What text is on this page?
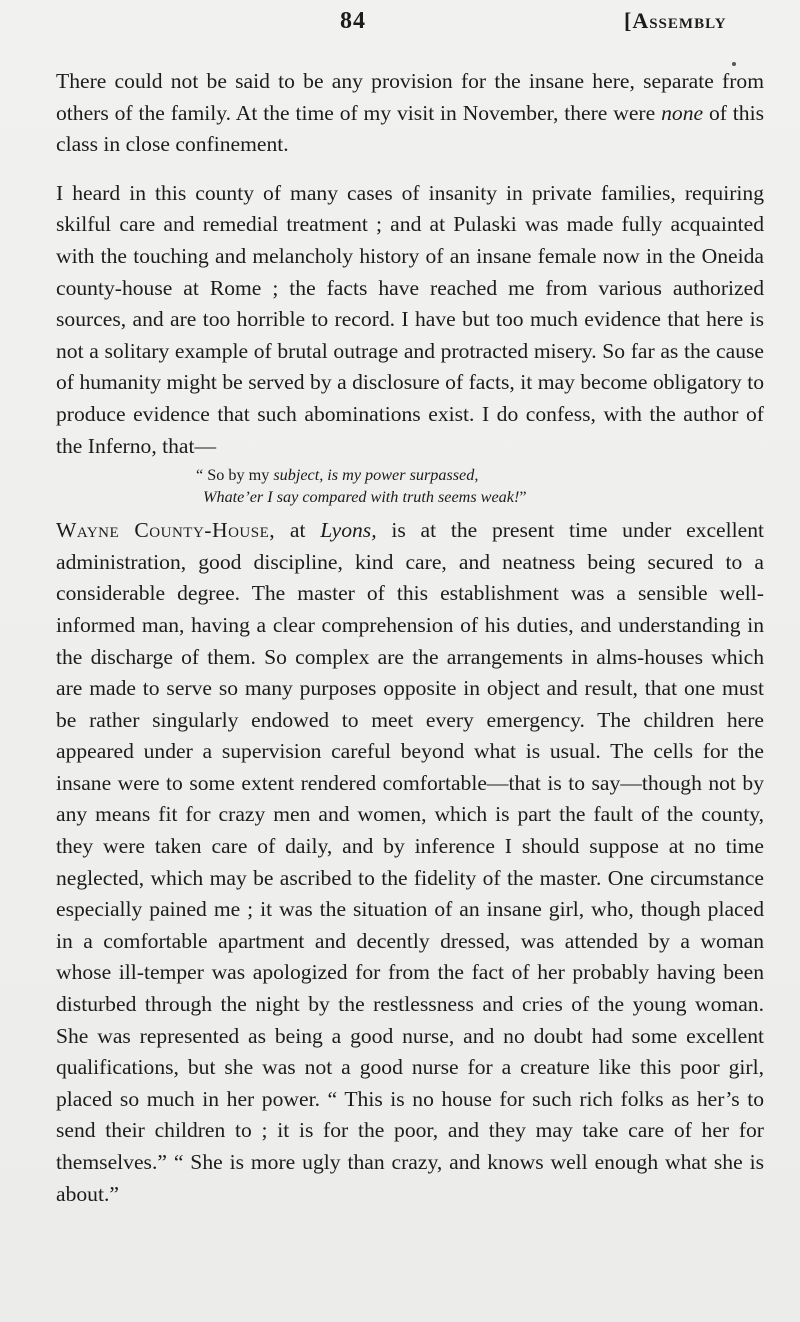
84	[Assembly

There could not be said to be any provision for the insane here, separate from others of the family. At the time of my visit in November, there were none of this class in close confinement.

I heard in this county of many cases of insanity in private families, requiring skilful care and remedial treatment ; and at Pulaski was made fully acquainted with the touching and melancholy history of an insane female now in the Oneida county-house at Rome ; the facts have reached me from various authorized sources, and are too horrible to record. I have but too much evidence that here is not a solitary example of brutal outrage and protracted misery. So far as the cause of humanity might be served by a disclosure of facts, it may become obligatory to produce evidence that such abominations exist. I do confess, with the author of the Inferno, that—

“ So by my subject, is my power surpassed,
Whate’er I say compared with truth seems weak!”

Wayne County-House, at Lyons, is at the present time under excellent administration, good discipline, kind care, and neatness being secured to a considerable degree. The master of this establishment was a sensible well-informed man, having a clear comprehension of his duties, and understanding in the discharge of them. So complex are the arrangements in alms-houses which are made to serve so many purposes opposite in object and result, that one must be rather singularly endowed to meet every emergency. The children here appeared under a supervision careful beyond what is usual. The cells for the insane were to some extent rendered comfortable—that is to say—though not by any means fit for crazy men and women, which is part the fault of the county, they were taken care of daily, and by inference I should suppose at no time neglected, which may be ascribed to the fidelity of the master. One circumstance especially pained me ; it was the situation of an insane girl, who, though placed in a comfortable apartment and decently dressed, was attended by a woman whose ill-temper was apologized for from the fact of her probably having been disturbed through the night by the restlessness and cries of the young woman. She was represented as being a good nurse, and no doubt had some excellent qualifications, but she was not a good nurse for a creature like this poor girl, placed so much in her power. “ This is no house for such rich folks as her’s to send their children to ; it is for the poor, and they may take care of her for themselves.” “ She is more ugly than crazy, and knows well enough what she is about.”
